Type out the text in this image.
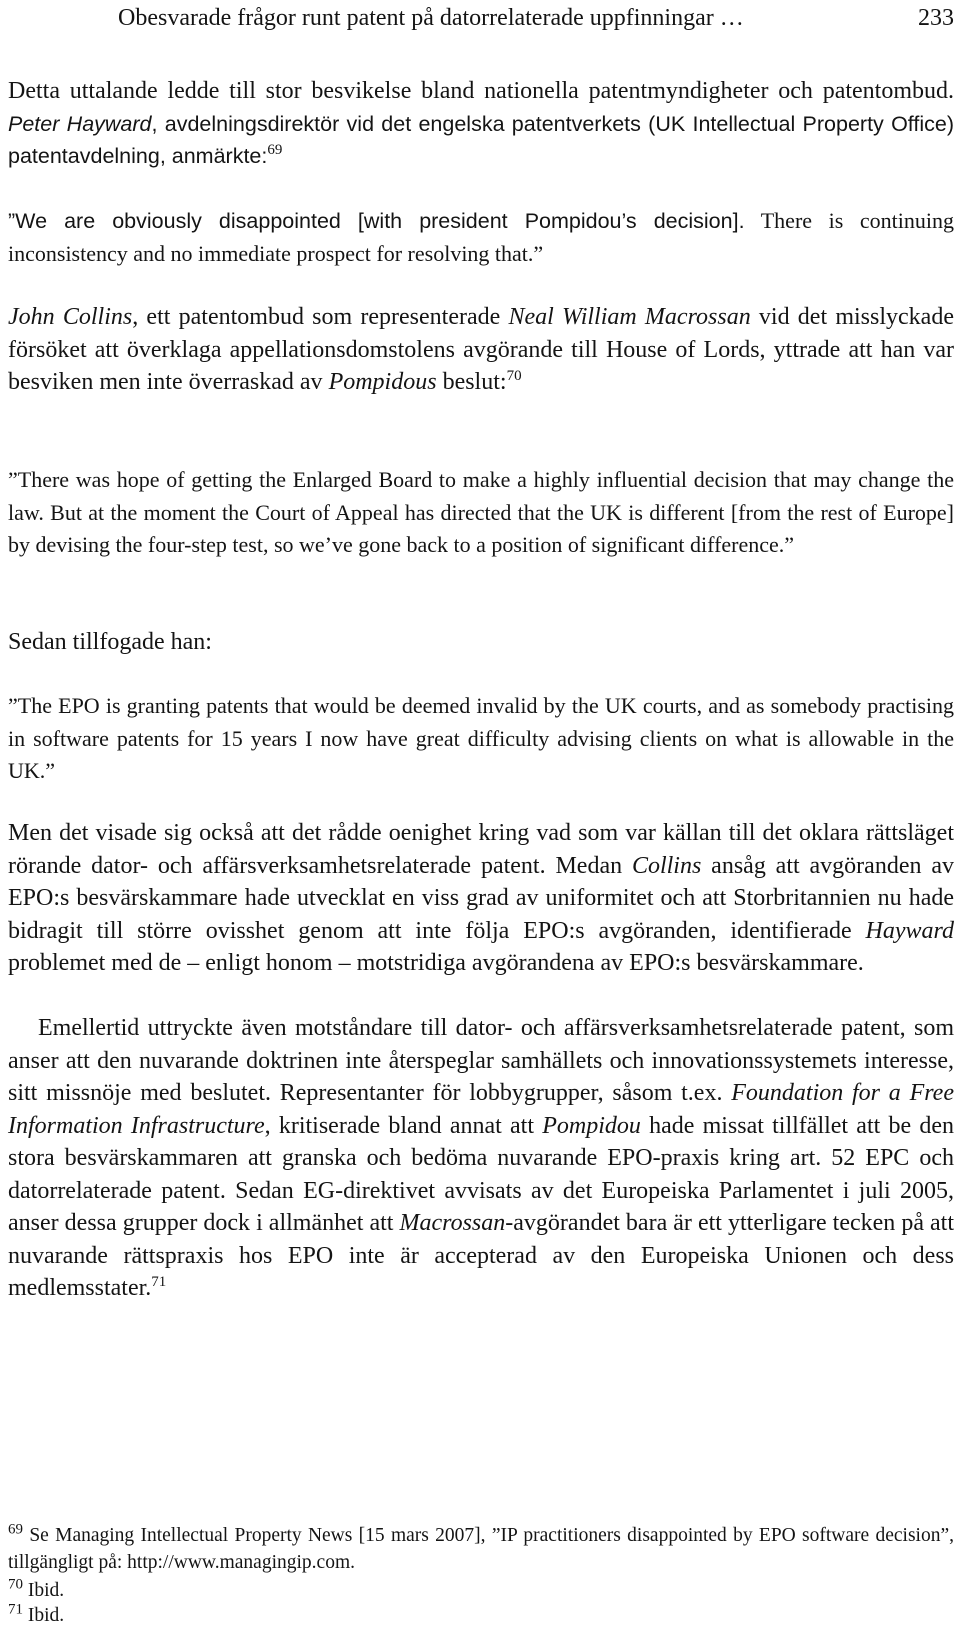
Obesvarade frågor runt patent på datorrelaterade uppfinningar …	233

Detta uttalande ledde till stor besvikelse bland nationella patentmyndigheter och patentombud. Peter Hayward, avdelningsdirektör vid det engelska patentverkets (UK Intellectual Property Office) patentavdelning, anmärkte:$^{69}$

”We are obviously disappointed [with president Pompidou’s decision]. There is continuing inconsistency and no immediate prospect for resolving that.”

John Collins, ett patentombud som representerade Neal William Macrossan vid det misslyckade försöket att överklaga appellationsdomstolens avgörande till House of Lords, yttrade att han var besviken men inte överraskad av Pompidous beslut:$^{70}$

”There was hope of getting the Enlarged Board to make a highly influential decision that may change the law. But at the moment the Court of Appeal has directed that the UK is different [from the rest of Europe] by devising the four-step test, so we’ve gone back to a position of significant difference.”

Sedan tillfogade han:

”The EPO is granting patents that would be deemed invalid by the UK courts, and as somebody practising in software patents for 15 years I now have great difficulty advising clients on what is allowable in the UK.”

Men det visade sig också att det rådde oenighet kring vad som var källan till det oklara rättsläget rörande dator- och affärsverksamhetsrelaterade patent. Medan Collins ansåg att avgöranden av EPO:s besvärskammare hade utvecklat en viss grad av uniformitet och att Storbritannien nu hade bidragit till större ovisshet genom att inte följa EPO:s avgöranden, identifierade Hayward problemet med de – enligt honom – motstridiga avgörandena av EPO:s besvärskammare.

Emellertid uttryckte även motståndare till dator- och affärsverksamhetsrelaterade patent, som anser att den nuvarande doktrinen inte återspeglar samhällets och innovationssystemets interesse, sitt missnöje med beslutet. Representanter för lobbygrupper, såsom t.ex. Foundation for a Free Information Infrastructure, kritiserade bland annat att Pompidou hade missat tillfället att be den stora besvärskammaren att granska och bedöma nuvarande EPO-praxis kring art. 52 EPC och datorrelaterade patent. Sedan EG-direktivet avvisats av det Europeiska Parlamentet i juli 2005, anser dessa grupper dock i allmänhet att Macrossan-avgörandet bara är ett ytterligare tecken på att nuvarande rättspraxis hos EPO inte är accepterad av den Europeiska Unionen och dess medlemsstater.$^{71}$

$^{69}$ Se Managing Intellectual Property News [15 mars 2007], ”IP practitioners disappointed by EPO software decision”, tillgängligt på: http://www.managingip.com.

$^{70}$ Ibid.

$^{71}$ Ibid.
